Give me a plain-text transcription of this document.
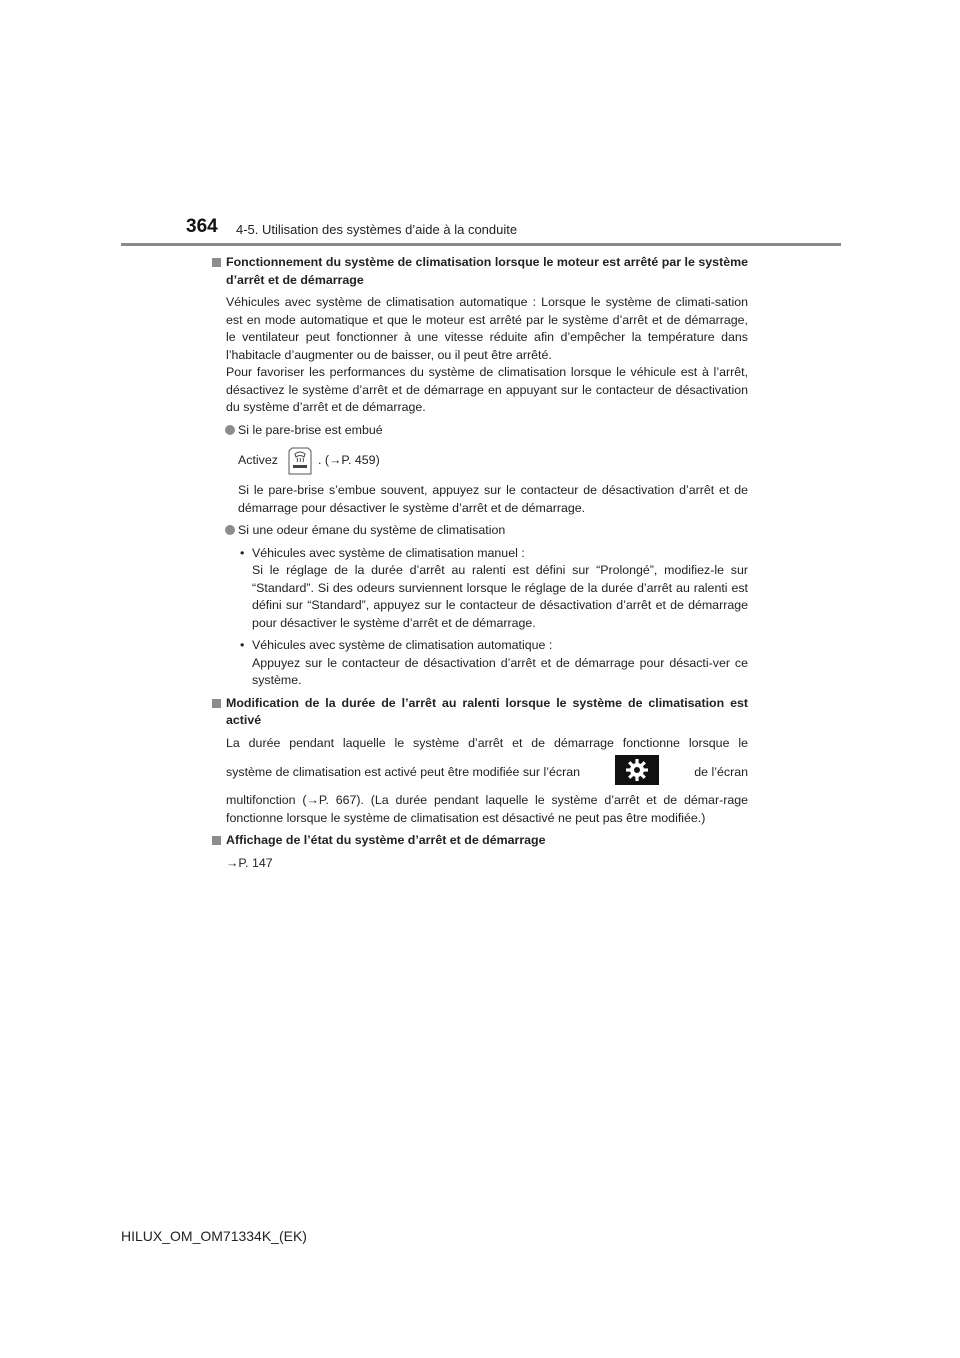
364 4-5. Utilisation des systèmes d’aide à la conduite

Fonctionnement du système de climatisation lorsque le moteur est arrêté par le système d’arrêt et de démarrage

Véhicules avec système de climatisation automatique : Lorsque le système de climati-sation est en mode automatique et que le moteur est arrêté par le système d’arrêt et de démarrage, le ventilateur peut fonctionner à une vitesse réduite afin d’empêcher la température dans l’habitacle d’augmenter ou de baisser, ou il peut être arrêté.

Pour favoriser les performances du système de climatisation lorsque le véhicule est à l’arrêt, désactivez le système d’arrêt et de démarrage en appuyant sur le contacteur de désactivation du système d’arrêt et de démarrage.

Si le pare-brise est embué

Activez	. (→P. 459)

Si le pare-brise s’embue souvent, appuyez sur le contacteur de désactivation d’arrêt et de démarrage pour désactiver le système d’arrêt et de démarrage.

Si une odeur émane du système de climatisation

• Véhicules avec système de climatisation manuel :
Si le réglage de la durée d’arrêt au ralenti est défini sur “Prolongé”, modifiez-le sur “Standard”. Si des odeurs surviennent lorsque le réglage de la durée d’arrêt au ralenti est défini sur “Standard”, appuyez sur le contacteur de désactivation d’arrêt et de démarrage pour désactiver le système d’arrêt et de démarrage.

• Véhicules avec système de climatisation automatique :
Appuyez sur le contacteur de désactivation d’arrêt et de démarrage pour désacti-ver ce système.

Modification de la durée de l’arrêt au ralenti lorsque le système de climatisation est activé

La durée pendant laquelle le système d’arrêt et de démarrage fonctionne lorsque le

système de climatisation est activé peut être modifiée sur l’écran	de l’écran

multifonction (→P. 667). (La durée pendant laquelle le système d’arrêt et de démar-rage fonctionne lorsque le système de climatisation est désactivé ne peut pas être modifiée.)

Affichage de l’état du système d’arrêt et de démarrage

→P. 147

HILUX_OM_OM71334K_(EK)
